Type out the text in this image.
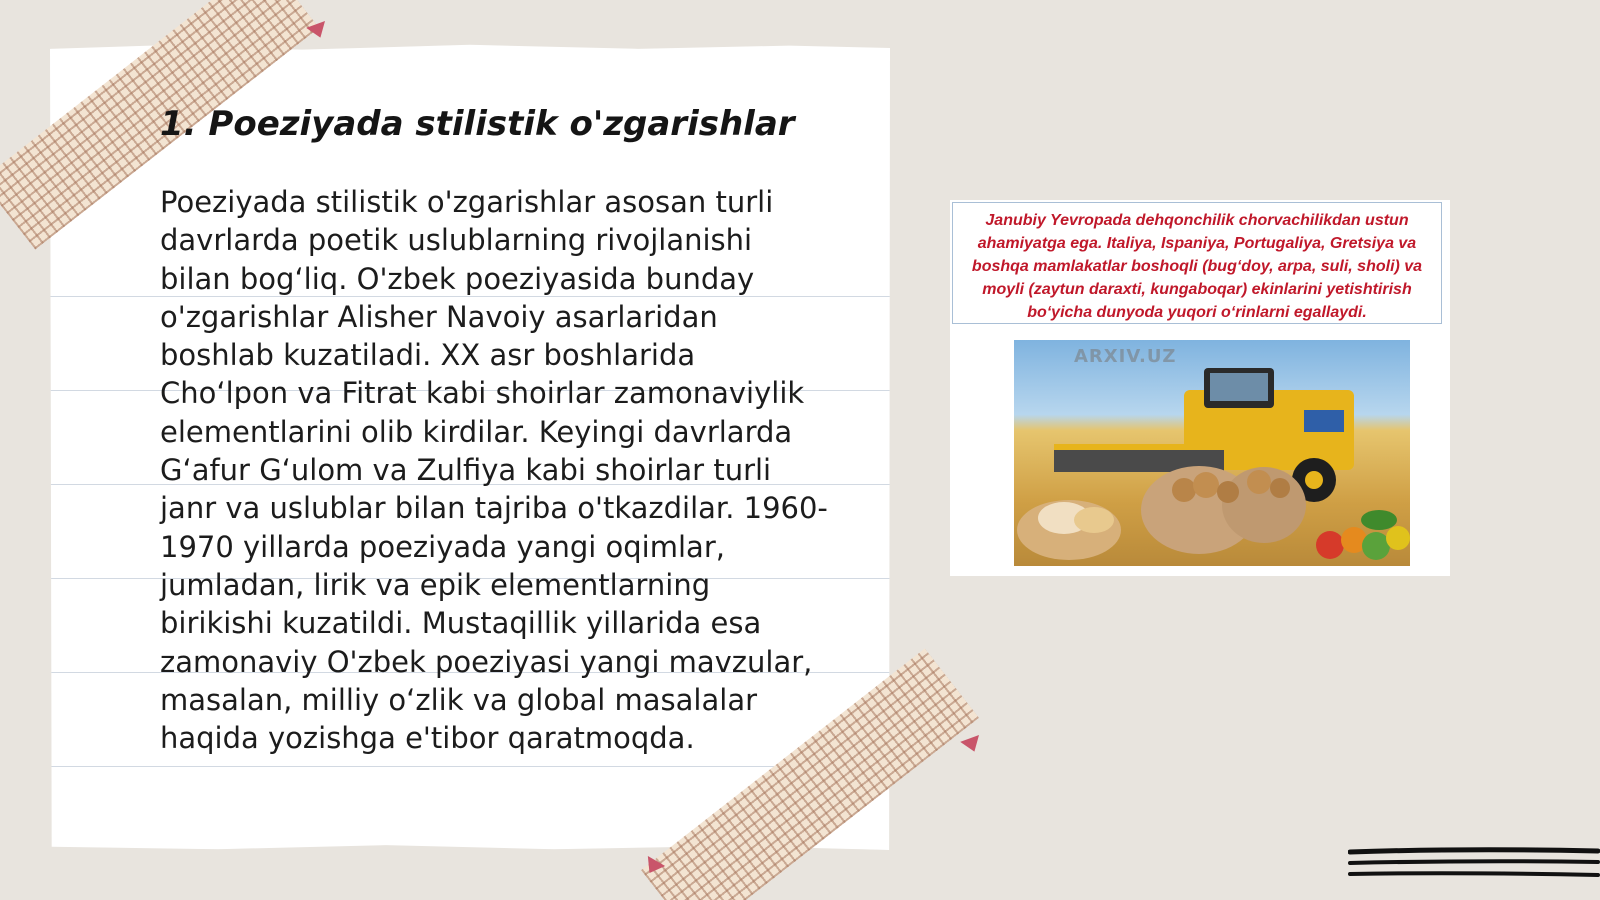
1. Poeziyada stilistik o'zgarishlar
Poeziyada stilistik o'zgarishlar asosan turli
davrlarda poetik uslublarning rivojlanishi
bilan bog‘liq. O'zbek poeziyasida bunday
o'zgarishlar Alisher Navoiy asarlaridan
boshlab kuzatiladi. XX asr boshlarida
Cho‘lpon va Fitrat kabi shoirlar zamonaviylik
elementlarini olib kirdilar. Keyingi davrlarda
G‘afur G‘ulom va Zulfiya kabi shoirlar turli
janr va uslublar bilan tajriba o'tkazdilar. 1960-
1970 yillarda poeziyada yangi oqimlar,
jumladan, lirik va epik elementlarning
birikishi kuzatildi. Mustaqillik yillarida esa
zamonaviy O'zbek poeziyasi yangi mavzular,
masalan, milliy o‘zlik va global masalalar
haqida yozishga e'tibor qaratmoqda.
Janubiy Yevropada dehqonchilik chorvachilikdan ustun
ahamiyatga ega. Italiya, Ispaniya, Portugaliya, Gretsiya va
boshqa mamlakatlar boshoqli (bug‘doy, arpa, suli, sholi) va
moyli (zaytun daraxti, kungaboqar) ekinlarini yetishtirish
bo‘yicha dunyoda yuqori o‘rinlarni egallaydi.
ARXIV.UZ
